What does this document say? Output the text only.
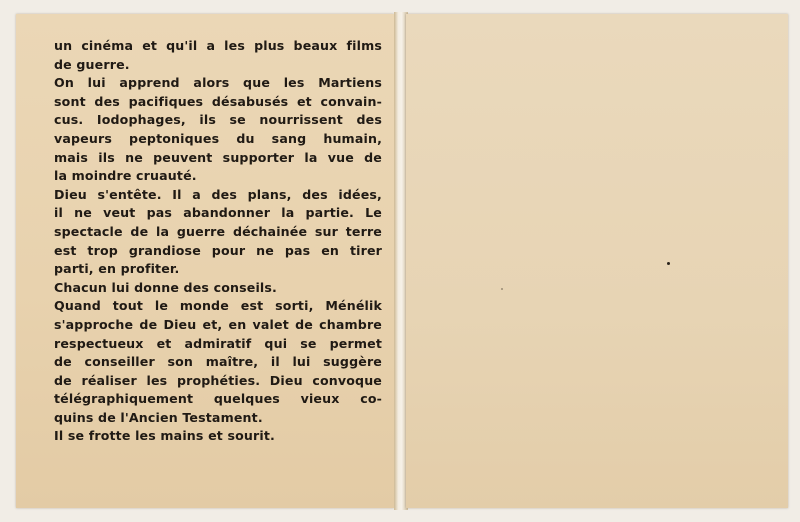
un cinéma et qu'il a les plus beaux films
de guerre.
On lui apprend alors que les Martiens
sont des pacifiques désabusés et convain-
cus. Iodophages, ils se nourrissent des
vapeurs peptoniques du sang humain,
mais ils ne peuvent supporter la vue de
la moindre cruauté.
Dieu s'entête. Il a des plans, des idées,
il ne veut pas abandonner la partie. Le
spectacle de la guerre déchainée sur terre
est trop grandiose pour ne pas en tirer
parti, en profiter.
Chacun lui donne des conseils.
Quand tout le monde est sorti, Ménélik
s'approche de Dieu et, en valet de chambre
respectueux et admiratif qui se permet
de conseiller son maître, il lui suggère
de réaliser les prophéties. Dieu convoque
télégraphiquement quelques vieux co-
quins de l'Ancien Testament.
Il se frotte les mains et sourit.
